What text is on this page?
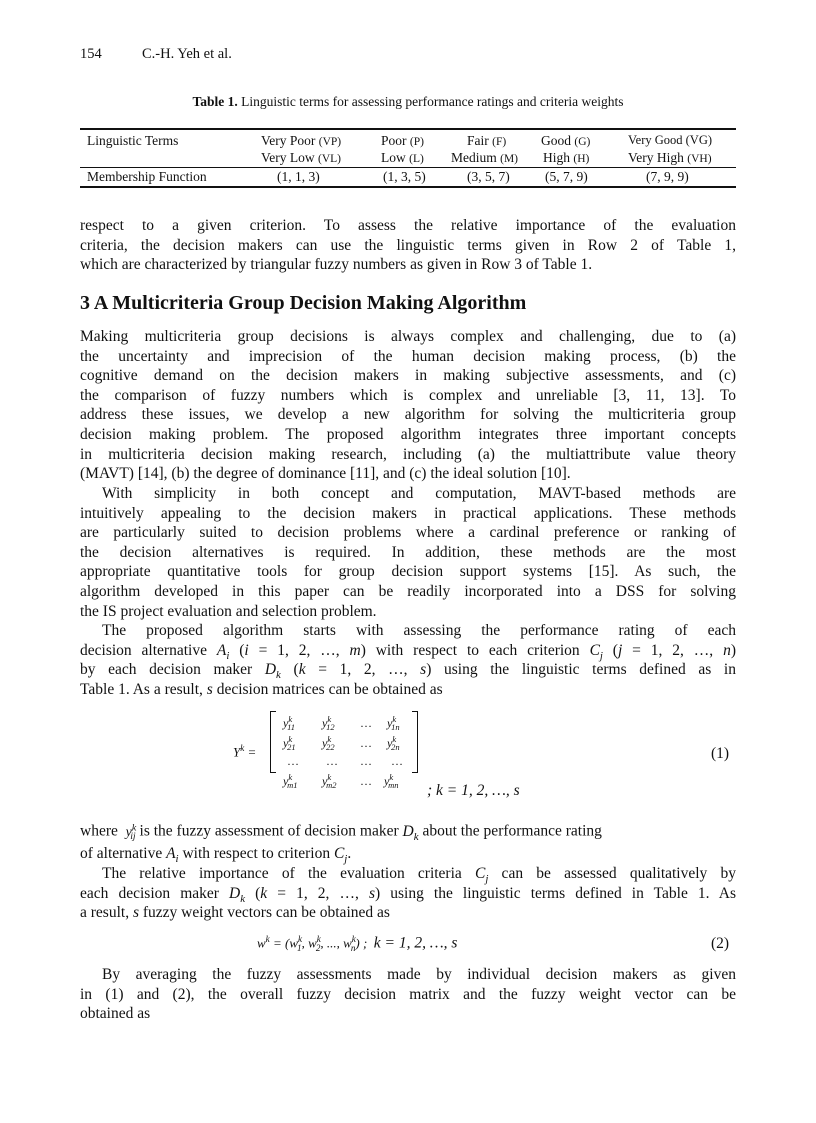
154	C.-H. Yeh et al.
Table 1. Linguistic terms for assessing performance ratings and criteria weights
Linguistic Terms
Membership Function
Very Poor (VP)
Very Low (VL)
(1, 1, 3)
Poor (P)
Low (L)
(1, 3, 5)
Fair (F)
Medium (M)
(3, 5, 7)
Good (G)
High (H)
(5, 7, 9)
Very Good (VG)
Very High (VH)
(7, 9, 9)
respect to a given criterion. To assess the relative importance of the evaluation
criteria, the decision makers can use the linguistic terms given in Row 2 of Table 1,
which are characterized by triangular fuzzy numbers as given in Row 3 of Table 1.
3 A Multicriteria Group Decision Making Algorithm
Making multicriteria group decisions is always complex and challenging, due to (a)
the uncertainty and imprecision of the human decision making process, (b) the
cognitive demand on the decision makers in making subjective assessments, and (c)
the comparison of fuzzy numbers which is complex and unreliable [3, 11, 13]. To
address these issues, we develop a new algorithm for solving the multicriteria group
decision making problem. The proposed algorithm integrates three important concepts
in multicriteria decision making research, including (a) the multiattribute value theory
(MAVT) [14], (b) the degree of dominance [11], and (c) the ideal solution [10].
With simplicity in both concept and computation, MAVT-based methods are
intuitively appealing to the decision makers in practical applications. These methods
are particularly suited to decision problems where a cardinal preference or ranking of
the decision alternatives is required. In addition, these methods are the most
appropriate quantitative tools for group decision support systems [15]. As such, the
algorithm developed in this paper can be readily incorporated into a DSS for solving
the IS project evaluation and selection problem.
The proposed algorithm starts with assessing the performance rating of each
decision alternative $A_i$ (i = 1, 2, …, m) with respect to each criterion $C_j$ (j = 1, 2, …, n)
by each decision maker $D_k$ (k = 1, 2, …, s) using the linguistic terms defined as in
Table 1. As a result, s decision matrices can be obtained as
$Y^k$ =
$y^k_{11}$ $y^k_{12}$ … $y^k_{1n}$
$y^k_{21}$ $y^k_{22}$ … $y^k_{2n}$
… … … …
$y^k_{m1}$ $y^k_{m2}$ … $y^k_{mn}$ ; k = 1, 2, …, s
(1)
where $y^k_{ij}$ is the fuzzy assessment of decision maker $D_k$ about the performance rating
of alternative $A_i$ with respect to criterion $C_j$.
The relative importance of the evaluation criteria $C_j$ can be assessed qualitatively by
each decision maker $D_k$ (k = 1, 2, …, s) using the linguistic terms defined in Table 1. As
a result, s fuzzy weight vectors can be obtained as
$w^k = (w^k_1$, $w^k_2$, ..., $w^k_n$) ;  k = 1, 2, …, s	(2)
By averaging the fuzzy assessments made by individual decision makers as given
in (1) and (2), the overall fuzzy decision matrix and the fuzzy weight vector can be
obtained as
